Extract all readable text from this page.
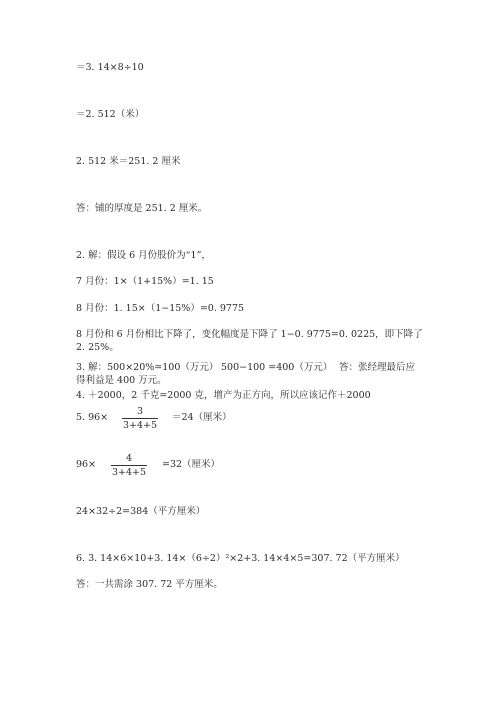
＝3. 14×8÷10
＝2. 512（米）
2. 512 米＝251. 2 厘米
答：铺的厚度是 251. 2 厘米。
2. 解：假设 6 月份股价为“1”，
7 月份：1×（1+15%）=1. 15
8 月份：1. 15×（1−15%）=0. 9775
8 月份和 6 月份相比下降了，变化幅度是下降了 1−0. 9775=0. 0225，即下降了
2. 25%。
3. 解：500×20%=100（万元） 500−100 =400（万元） 答：张经理最后应
得利益是 400 万元。
4. ＋2000，2 千克=2000 克，增产为正方向，所以应该记作＋2000
5. 96×
3
3+4+5
＝24（厘米）
96×
4
3+4+5
=32（厘米）
24×32÷2=384（平方厘米）
6. 3. 14×6×10+3. 14×（6÷2）²×2+3. 14×4×5=307. 72（平方厘米）
答：一共需涂 307. 72 平方厘米。
